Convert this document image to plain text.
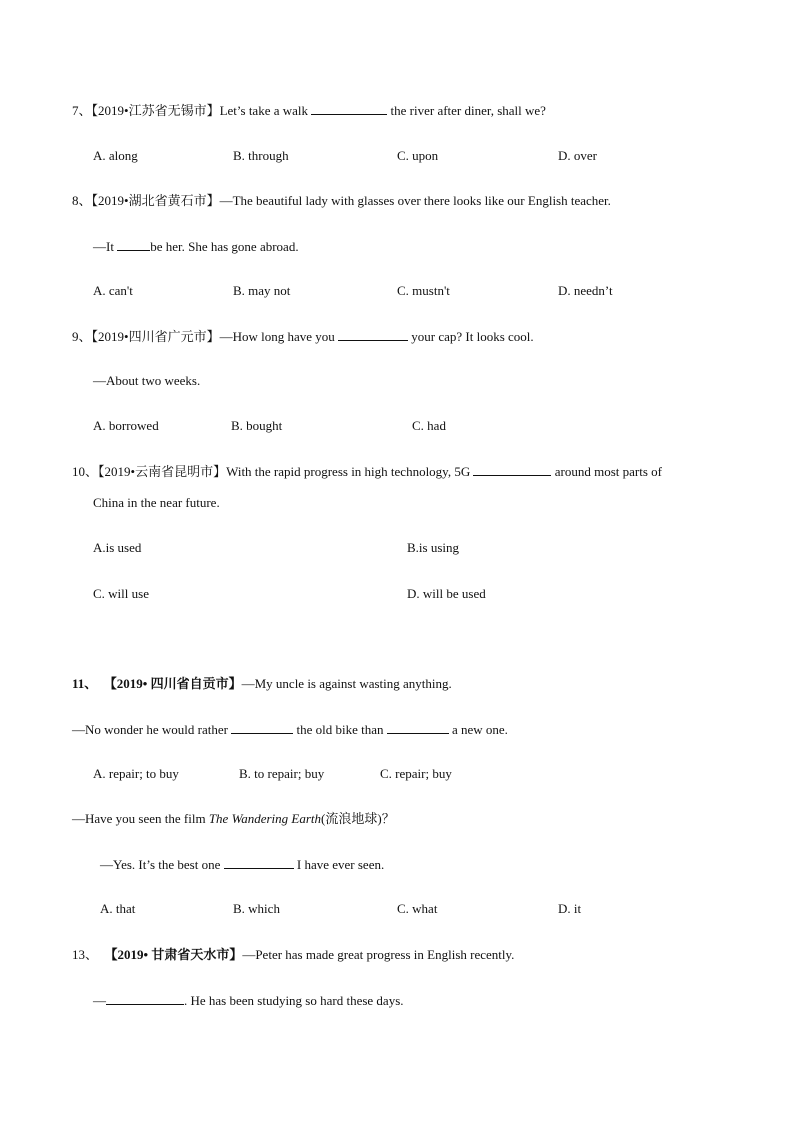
7、【2019•江苏省无锡市】Let’s take a walk	the river after diner, shall we?
A. along	B. through	C. upon	D. over
8、【2019•湖北省黄石市】—The beautiful lady with glasses over there looks like our English teacher.
—It	be her. She has gone abroad.
A. can't	B. may not	C. mustn't	D. needn’t
9、【2019•四川省广元市】—How long have you	your cap? It looks cool.
—About two weeks.
A. borrowed	B. bought	C. had
10、【2019•云南省昆明市】With the rapid progress in high technology, 5G	around most parts of
China in the near future.
A.is used	B.is using
C. will use	D. will be used
11、 【2019• 四川省自贡市】—My uncle is against wasting anything.
—No wonder he would rather	the old bike than	a new one.
A. repair; to buy	B. to repair; buy	C. repair; buy
—Have you seen the film The Wandering Earth(流浪地球)？
—Yes. It’s the best one	I have ever seen.
A. that	B. which	C. what	D. it
13、 【2019• 甘肃省天水市】—Peter has made great progress in English recently.
—	. He has been studying so hard these days.
